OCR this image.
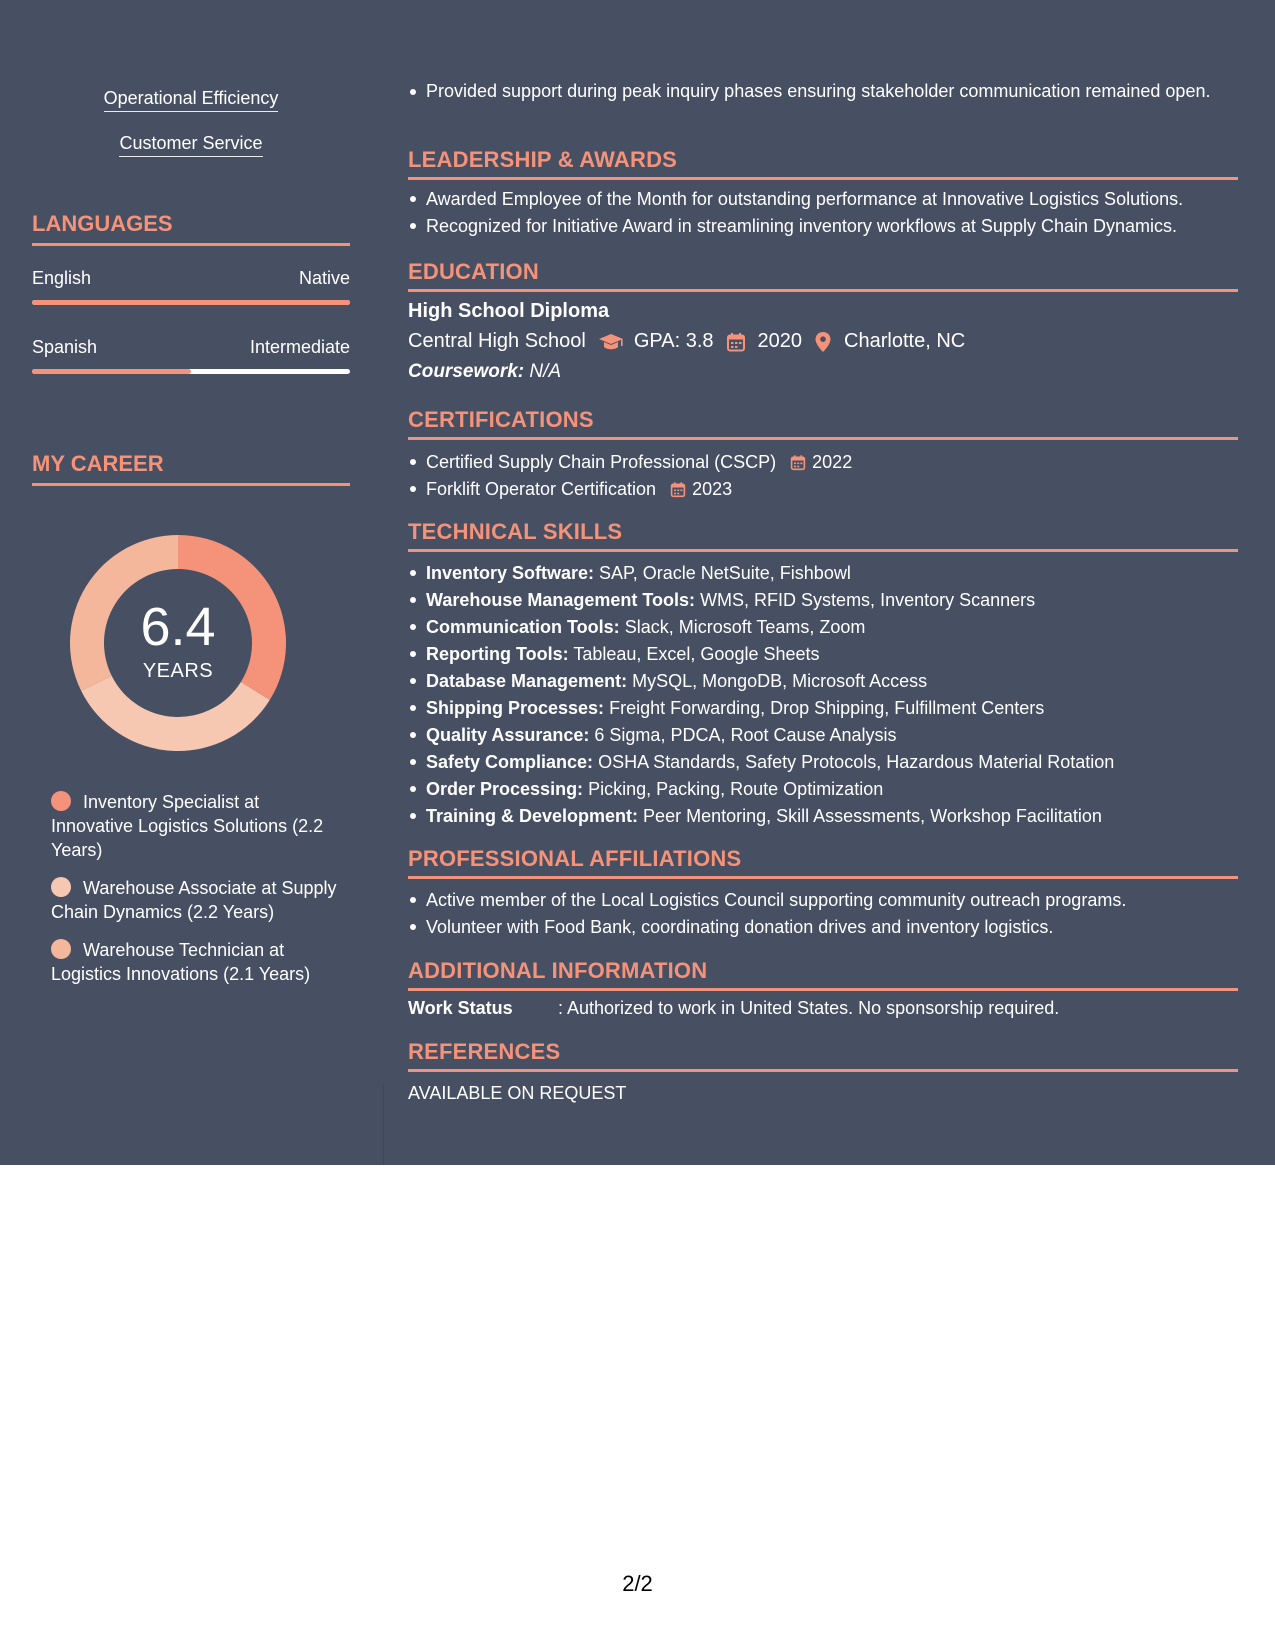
Operational Efficiency
Customer Service
LANGUAGES
English	Native
Spanish	Intermediate
MY CAREER
6.4
YEARS
Inventory Specialist at Innovative Logistics Solutions (2.2 Years)
Warehouse Associate at Supply Chain Dynamics (2.2 Years)
Warehouse Technician at Logistics Innovations (2.1 Years)
Provided support during peak inquiry phases ensuring stakeholder communication remained open.
LEADERSHIP & AWARDS
Awarded Employee of the Month for outstanding performance at Innovative Logistics Solutions.
Recognized for Initiative Award in streamlining inventory workflows at Supply Chain Dynamics.
EDUCATION
High School Diploma
Central High School GPA: 3.8 2020 Charlotte, NC
Coursework: N/A
CERTIFICATIONS
Certified Supply Chain Professional (CSCP) 2022
Forklift Operator Certification 2023
TECHNICAL SKILLS
Inventory Software: SAP, Oracle NetSuite, Fishbowl
Warehouse Management Tools: WMS, RFID Systems, Inventory Scanners
Communication Tools: Slack, Microsoft Teams, Zoom
Reporting Tools: Tableau, Excel, Google Sheets
Database Management: MySQL, MongoDB, Microsoft Access
Shipping Processes: Freight Forwarding, Drop Shipping, Fulfillment Centers
Quality Assurance: 6 Sigma, PDCA, Root Cause Analysis
Safety Compliance: OSHA Standards, Safety Protocols, Hazardous Material Rotation
Order Processing: Picking, Packing, Route Optimization
Training & Development: Peer Mentoring, Skill Assessments, Workshop Facilitation
PROFESSIONAL AFFILIATIONS
Active member of the Local Logistics Council supporting community outreach programs.
Volunteer with Food Bank, coordinating donation drives and inventory logistics.
ADDITIONAL INFORMATION
Work Status	: Authorized to work in United States. No sponsorship required.
REFERENCES
AVAILABLE ON REQUEST
2/2
